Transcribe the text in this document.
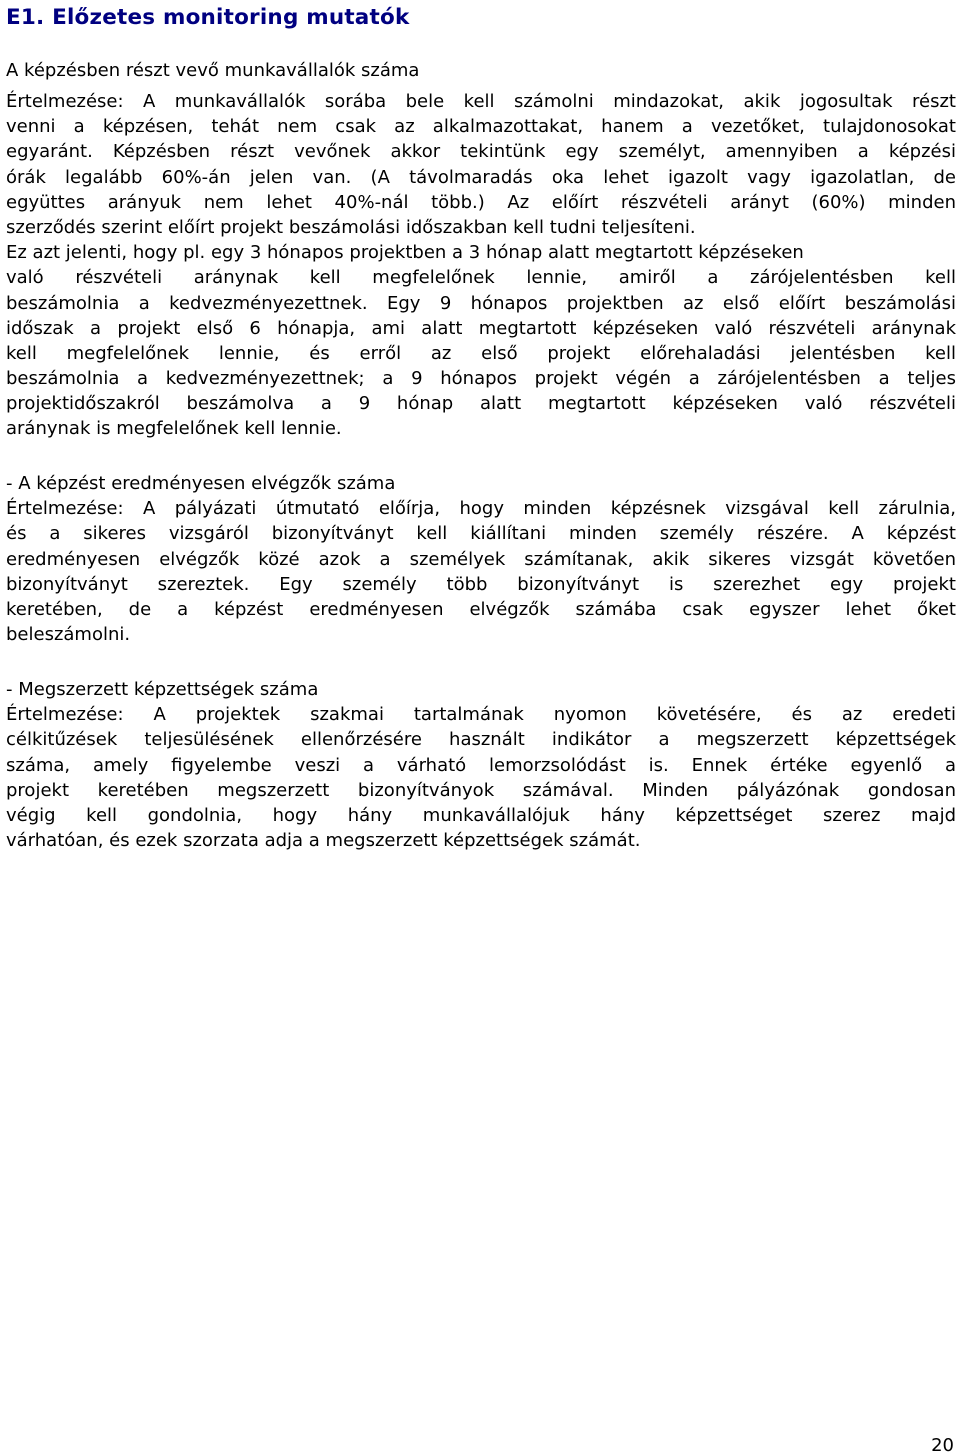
E1. Előzetes monitoring mutatók
A képzésben részt vevő munkavállalók száma
Értelmezése: A munkavállalók sorába bele kell számolni mindazokat, akik jogosultak részt
venni a képzésen, tehát nem csak az alkalmazottakat, hanem a vezetőket, tulajdonosokat
egyaránt. Képzésben részt vevőnek akkor tekintünk egy személyt, amennyiben a képzési
órák legalább 60%-án jelen van. (A távolmaradás oka lehet igazolt vagy igazolatlan, de
együttes arányuk nem lehet 40%-nál több.) Az előírt részvételi arányt (60%) minden
szerződés szerint előírt projekt beszámolási időszakban kell tudni teljesíteni.
Ez azt jelenti, hogy pl. egy 3 hónapos projektben a 3 hónap alatt megtartott képzéseken
való részvételi aránynak kell megfelelőnek lennie, amiről a zárójelentésben kell
beszámolnia a kedvezményezettnek. Egy 9 hónapos projektben az első előírt beszámolási
időszak a projekt első 6 hónapja, ami alatt megtartott képzéseken való részvételi aránynak
kell megfelelőnek lennie, és erről az első projekt előrehaladási jelentésben kell
beszámolnia a kedvezményezettnek; a 9 hónapos projekt végén a zárójelentésben a teljes
projektidőszakról beszámolva a 9 hónap alatt megtartott képzéseken való részvételi
aránynak is megfelelőnek kell lennie.
- A képzést eredményesen elvégzők száma
Értelmezése: A pályázati útmutató előírja, hogy minden képzésnek vizsgával kell zárulnia,
és a sikeres vizsgáról bizonyítványt kell kiállítani minden személy részére. A képzést
eredményesen elvégzők közé azok a személyek számítanak, akik sikeres vizsgát követően
bizonyítványt szereztek. Egy személy több bizonyítványt is szerezhet egy projekt
keretében, de a képzést eredményesen elvégzők számába csak egyszer lehet őket
beleszámolni.
- Megszerzett képzettségek száma
Értelmezése: A projektek szakmai tartalmának nyomon követésére, és az eredeti
célkitűzések teljesülésének ellenőrzésére használt indikátor a megszerzett képzettségek
száma, amely figyelembe veszi a várható lemorzsolódást is. Ennek értéke egyenlő a
projekt keretében megszerzett bizonyítványok számával. Minden pályázónak gondosan
végig kell gondolnia, hogy hány munkavállalójuk hány képzettséget szerez majd
várhatóan, és ezek szorzata adja a megszerzett képzettségek számát.
20
